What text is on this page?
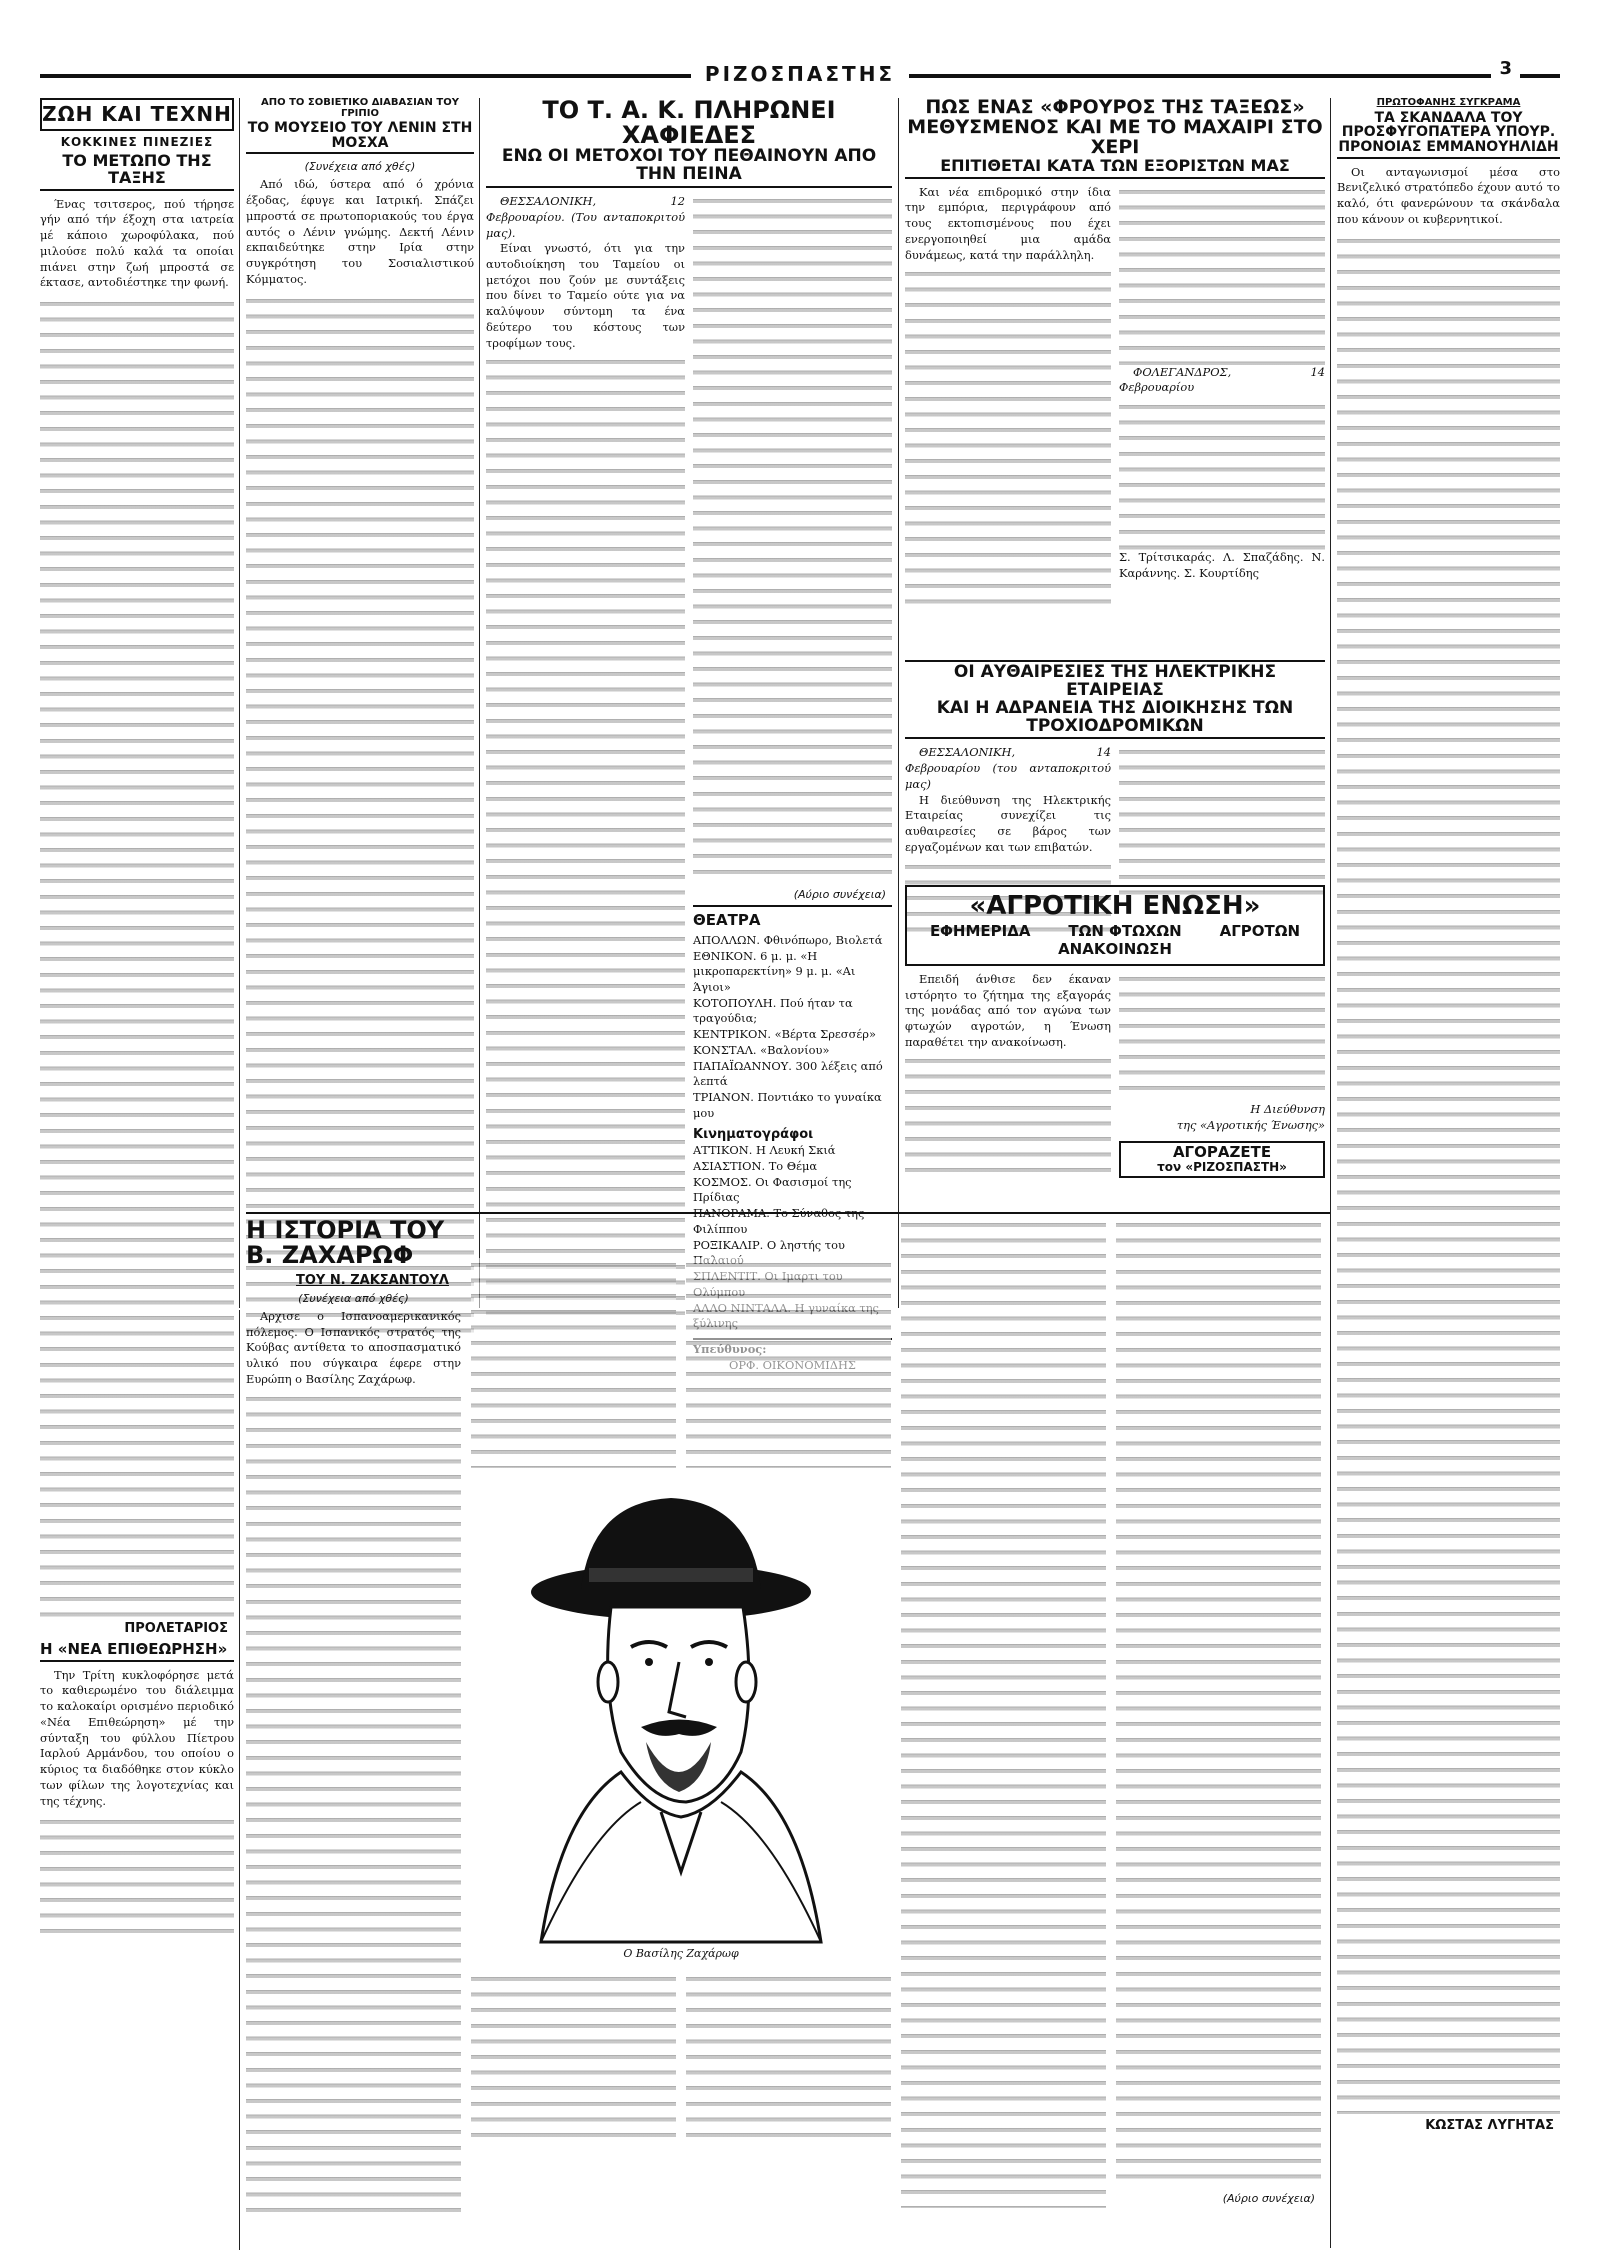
ΡΙΖΟΣΠΑΣΤΗΣ	3

ΖΩΗ ΚΑΙ ΤΕΧΝΗ

ΚΟΚΚΙΝΕΣ ΠΙΝΕΖΙΕΣ

ΤΟ ΜΕΤΩΠΟ ΤΗΣ ΤΑΞΗΣ

Ένας τσιτσερος, πού τήρησε γήν από τήν έξοχη στα ιατρεία μέ κάποιο χωροφύλακα, πού μιλούσε πολύ καλά τα οποίαι πιάνει στην ζωή μπροστά σε έκτασε, αντοδιέστηκε την φωνή.

ΠΡΟΛΕΤΑΡΙΟΣ

Η «ΝΕΑ ΕΠΙΘΕΩΡΗΣΗ»

Την Τρίτη κυκλοφόρησε μετά το καθιερωμένο του διάλειμμα το καλοκαίρι ορισμένο περιοδικό «Νέα Επιθεώρηση» μέ την σύνταξη του φύλλου Πίετρου Ιαρλού Αρμάνδου, του οποίου ο κύριος τα διαδόθηκε στον κύκλο των φίλων της λογοτεχνίας και της τέχνης.

ΑΠΟ ΤΟ ΣΟΒΙΕΤΙΚΟ ΔΙΑΒΑΣΙΑΝ ΤΟΥ ΓΡΙΠΙΟ

ΤΟ ΜΟΥΣΕΙΟ ΤΟΥ ΛΕΝΙΝ ΣΤΗ ΜΟΣΧΑ

(Συνέχεια από χθές)

Από ιδώ, ύστερα από ό χρόνια έξοδας, έφυγε και Ιατρική. Σπάζει μπροστά σε πρωτοποριακούς του έργα αυτός ο Λένιν γνώμης. Δεκτή Λένιν εκπαιδεύτηκε στην Ιρία στην συγκρότηση του Σοσιαλιστικού Κόμματος.

ΤΟ Τ. Α. Κ. ΠΛΗΡΩΝΕΙ ΧΑΦΙΕΔΕΣ

ΕΝΩ ΟΙ ΜΕΤΟΧΟΙ ΤΟΥ ΠΕΘΑΙΝΟΥΝ ΑΠΟ ΤΗΝ ΠΕΙΝΑ

ΘΕΣΣΑΛΟΝΙΚΗ, 12 Φεβρουαρίου. (Του ανταποκριτού μας).

Είναι γνωστό, ότι για την αυτοδιοίκηση του Ταμείου οι μετόχοι που ζούν με συντάξεις που δίνει το Ταμείο ούτε για να καλύψουν σύντομη τα ένα δεύτερο του κόστους των τροφίμων τους.

(Αύριο συνέχεια)

ΘΕΑΤΡΑ

ΑΠΟΛΛΩΝ. Φθινόπωρο, Βιολετά

ΕΘΝΙΚΟΝ. 6 μ. μ. «Η μικροπαρεκτίνη» 9 μ. μ. «Αι Άγιοι»

ΚΟΤΟΠΟΥΛΗ. Πού ήταν τα τραγούδια;

ΚΕΝΤΡΙΚΟΝ. «Βέρτα Σρεσσέρ»

ΚΟΝΣΤΑΛ. «Βαλονίου»

ΠΑΠΑΪΩΑΝΝΟΥ. 300 λέξεις από λεπτά

ΤΡΙΑΝΟΝ. Ποντιάκο το γυναίκα μου

Κινηματογράφοι

ΑΤΤΙΚΟΝ. Η Λευκή Σκιά

ΑΣΙΑΣΤΙΟΝ. Το Θέμα

ΚΟΣΜΟΣ. Οι Φασισμοί της Πρίδιας

ΠΑΝΟΡΑΜΑ. Το Σύναθος της Φιλίππου

ΡΟΞΙΚΑΛΙΡ. Ο ληστής του

ΠΩΣ ΕΝΑΣ «ΦΡΟΥΡΟΣ ΤΗΣ ΤΑΞΕΩΣ»

ΜΕΘΥΣΜΕΝΟΣ ΚΑΙ ΜΕ ΤΟ ΜΑΧΑΙΡΙ ΣΤΟ ΧΕΡΙ

ΕΠΙΤΙΘΕΤΑΙ ΚΑΤΑ ΤΩΝ ΕΞΟΡΙΣΤΩΝ ΜΑΣ

Και νέα επιδρομικό στην ίδια την εμπόρια, περιγράφουν από τους εκτοπισμένους που έχει ενεργοποιηθεί μια αμάδα δυνάμεως, κατά την παράλληλη.

ΦΟΛΕΓΑΝΔΡΟΣ, 14 Φεβρουαρίου

Σ. Τρίτσικαράς. Λ. Σπαζάδης. Ν. Καράννης. Σ. Κουρτίδης

ΟΙ ΑΥΘΑΙΡΕΣΙΕΣ ΤΗΣ ΗΛΕΚΤΡΙΚΗΣ ΕΤΑΙΡΕΙΑΣ

ΚΑΙ Η ΑΔΡΑΝΕΙΑ ΤΗΣ ΔΙΟΙΚΗΣΗΣ ΤΩΝ ΤΡΟΧΙΟΔΡΟΜΙΚΩΝ

ΘΕΣΣΑΛΟΝΙΚΗ, 14 Φεβρουαρίου (του ανταποκριτού μας)

Η διεύθυνση της Ηλεκτρικής Εταιρείας συνεχίζει τις αυθαιρεσίες σε βάρος των εργαζομένων και των επιβατών.

«ΑΓΡΟΤΙΚΗ ΕΝΩΣΗ»

ΕΦΗΜΕΡΙΔΑ	ΤΩΝ ΦΤΩΧΩΝ	ΑΓΡΟΤΩΝ

ΑΝΑΚΟΙΝΩΣΗ

Επειδή άνθισε δεν έκαναν ιστόρητο το ζήτημα της εξαγοράς της μονάδας από τον αγώνα των φτωχών αγροτών, η Ένωση παραθέτει την ανακοίνωση.

Η Διεύθυνση

της «Αγροτικής Ένωσης»

ΑΓΟΡΑΖΕΤΕ

τον «ΡΙΖΟΣΠΑΣΤΗ»

Η ΙΣΤΟΡΙΑ ΤΟΥ Β. ΖΑΧΑΡΩΦ

ΤΟΥ Ν. ΖΑΚΣΑΝΤΟΥΛ

(Συνέχεια από χθές)

Αρχισε ο Ισπανοαμερικανικός πόλεμος. Ο Ισπανικός στρατός της Κούβας αντίθετα το αποσπασματικό υλικό που σύγκαιρα έφερε στην Ευρώπη ο Βασίλης Ζαχάρωφ.

Ο Βασίλης Ζαχάρωφ

(Αύριο συνέχεια)

ΠΡΩΤΟΦΑΝΗΣ ΣΥΓΚΡΑΜΑ

ΤΑ ΣΚΑΝΔΑΛΑ ΤΟΥ ΠΡΟΣΦΥΓΟΠΑΤΕΡΑ ΥΠΟΥΡ. ΠΡΟΝΟΙΑΣ ΕΜΜΑΝΟΥΗΛΙΔΗ

Οι ανταγωνισμοί μέσα στο Βενιζελικό στρατόπεδο έχουν αυτό το καλό, ότι φανερώνουν τα σκάνδαλα που κάνουν οι κυβερνητικοί.

ΚΩΣΤΑΣ ΛΥΓΗΤΑΣ
